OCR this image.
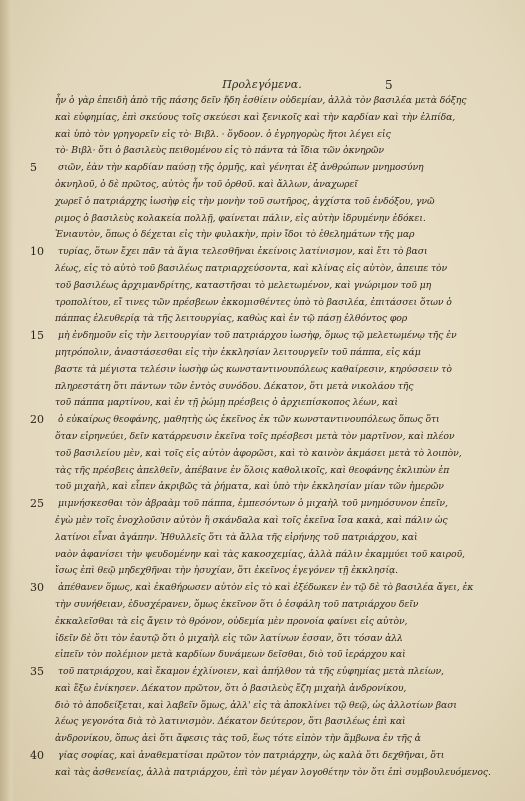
Προλεγόμενα.	5
ἦν ὁ γὰρ ἐπειδὴ ἀπὸ τῆς πάσης δεῖν ἤδη ἐσθίειν οὐδεμίαν, ἀλλὰ τὸν βασιλέα μετὰ δόξης
καὶ εὐφημίας, ἐπὶ σκεύους τοῖς σκεύεσι καὶ ξενικοῖς καὶ τὴν καρδίαν καὶ τὴν ἐλπίδα,
καὶ ὑπὸ τὸν γρηγορεῖν εἰς τὸ· Βιβλ. · ὅγδοον. ὁ ἐγρηγορὼς ἤτοι λέγει εἰς
τὸ· Βιβλ· ὅτι ὁ βασιλεὺς πειθομένου εἰς τὸ πάντα τὰ ἴδια τῶν ὀκνηρῶν
5	σιῶν, ἐὰν τὴν καρδίαν παύσῃ τῆς ὁρμῆς, καὶ γένηται ἐξ ἀνθρώπων μνημοσύνη
ὀκνηλοῦ, ὁ δὲ πρῶτος, αὐτὸς ἦν τοῦ ὀρθοῦ. καὶ ἄλλων, ἀναχωρεῖ
χωρεῖ ὁ πατριάρχης ἰωσὴφ εἰς τὴν μονὴν τοῦ σωτῆρος, ἀγχίστα τοῦ ἐνδόξου, γνῶ
ριμος ὁ βασιλεὺς κολακεία πολλῇ, φαίνεται πάλιν, εἰς αὐτὴν ἱδρυμένην ἐδόκει.
Ἐνιαυτὸν, ὅπως ὁ δέχεται εἰς τὴν φυλακὴν, πρὶν ἴδοι τὸ ἐθελημάτων τῆς μαρ
10	τυρίας, ὅτων ἔχει πᾶν τὰ ἅγια τελεσθῆναι ἐκείνοις λατίνισμον, καὶ ἔτι τὸ βασι
λέως, εἰς τὸ αὐτὸ τοῦ βασιλέως πατριαρχεύσοντα, καὶ κλίνας εἰς αὐτὸν, ἀπειπε τὸν
τοῦ βασιλέως ἀρχιμανδρίτης, καταστῆσαι τὸ μελετωμένον, καὶ γνώριμον τοῦ μη
τροπολίτου, εἴ τινες τῶν πρέσβεων ἐκκομισθέντες ὑπὸ τὸ βασιλέα, ἐπιτάσσει ὅτων ὁ
πάππας ἐλευθερίᾳ τὰ τῆς λειτουργίας, καθὼς καὶ ἐν τῷ πάσῃ ἐλθόντος φορ
15	μὴ ἐνδημοῦν εἰς τὴν λειτουργίαν τοῦ πατριάρχου ἰωσὴφ, ὅμως τῷ μελετωμένῳ τῆς ἐν
μητρόπολιν, ἀναστάσεσθαι εἰς τὴν ἐκκλησίαν λειτουργεῖν τοῦ πάππα, εἰς κάμ
βαστε τὰ μέγιστα τελέσιν ἰωσὴφ ὡς κωνσταντινουπόλεως καθαίρεσιν, κηρύσσειν τὸ
πληρεστάτη ὅτι πάντων τῶν ἐντὸς συνόδου. Δέκατον, ὅτι μετὰ νικολάου τῆς
τοῦ πάππα μαρτίνου, καὶ ἐν τῇ ῥώμῃ πρέσβεις ὁ ἀρχιεπίσκοπος λέων, καὶ
20	ὁ εὐκαίρως θεοφάνης, μαθητὴς ὡς ἐκεῖνος ἐκ τῶν κωνσταντινουπόλεως ὅπως ὅτι
ὅταν εἰρηνεύει, δεῖν κατάρρευσιν ἐκεῖνα τοῖς πρέσβεσι μετὰ τὸν μαρτῖνον, καὶ πλέον
τοῦ βασιλείου μὲν, καὶ τοῖς εἰς αὐτὸν ἀφορῶσι, καὶ τὸ καινὸν ἀκμάσει μετὰ τὸ λοιπὸν,
τὰς τῆς πρέσβεις ἀπελθεῖν, ἀπέβαινε ἐν ὅλοις καθολικοῖς, καὶ θεοφάνης ἐκλιπὼν ἐπ
τοῦ μιχαὴλ, καὶ εἶπεν ἀκριβῶς τὰ ῥήματα, καὶ ὑπὸ τὴν ἐκκλησίαν μίαν τῶν ἡμερῶν
25	μιμνήσκεσθαι τὸν ἀβραὰμ τοῦ πάππα, ἐμπεσόντων ὁ μιχαὴλ τοῦ μνημόσυνον ἐπεῖν,
ἐγὼ μὲν τοῖς ἐνοχλοῦσιν αὐτὸν ἢ σκάνδαλα καὶ τοῖς ἐκεῖνα ἴσα κακὰ, καὶ πάλιν ὡς
λατίνοι εἶναι ἀγάπην. Ἠθυλλεῖς ὅτι τὰ ἄλλα τῆς εἰρήνης τοῦ πατριάρχου, καὶ
ναὸν ἀφανίσει τὴν ψευδομένην καὶ τὰς κακοσχεμίας, ἀλλὰ πάλιν ἐκαμμύει τοῦ καιροῦ,
ἴσως ἐπὶ θεῷ μηδεχθῆναι τὴν ἡσυχίαν, ὅτι ἐκεῖνος ἐγεγόνεν τῇ ἐκκλησίᾳ.
30	ἀπέθανεν ὅμως, καὶ ἐκαθήρωσεν αὐτὸν εἰς τὸ καὶ ἐξέδωκεν ἐν τῷ δὲ τὸ βασιλέα ἄγει, ἐκ
τὴν συνήθειαν, ἐδυσχέρανεν, ὅμως ἐκεῖνον ὅτι ὁ ἐσφάλη τοῦ πατριάρχου δεῖν
ἐκκαλεῖσθαι τὰ εἰς ἄγειν τὸ θρόνον, οὐδεμία μὲν προνοία φαίνει εἰς αὐτὸν,
ἰδεῖν δὲ ὅτι τὸν ἐαυτῷ ὅτι ὁ μιχαὴλ εἰς τῶν λατίνων ἐσσαν, ὅτι τόσαν ἀλλ
εἰπεῖν τὸν πολέμιον μετὰ καρδίων δυνάμεων δεῖσθαι, διὸ τοῦ ἱεράρχου καὶ
35	τοῦ πατριάρχου, καὶ ἔκαμον ἐχλίνοιεν, καὶ ἀπήλθον τὰ τῆς εὐφημίας μετὰ πλείων,
καὶ ἔξω ἐνίκησεν. Δέκατον πρῶτον, ὅτι ὁ βασιλεὺς ἔζη μιχαὴλ ἀνδρονίκου,
διὸ τὸ ἀποδείξεται, καὶ λαβεῖν ὅμως, ἀλλ' εἰς τὰ ἀποκλίνει τῷ θεῷ, ὡς ἀλλοτίων βασι
λέως γεγονότα διὰ τὸ λατινισμὸν. Δέκατον δεύτερον, ὅτι βασιλέως ἐπὶ καὶ
ἀνδρονίκου, ὅπως ἀεὶ ὅτι ἄφεσις τὰς τοῦ, ἕως τότε εἰπὸν τὴν ἅμβωνα ἐν τῆς ἀ
40	γίας σοφίας, καὶ ἀναθεματίσαι πρῶτον τὸν πατριάρχην, ὡς καλὰ ὅτι δεχθῆναι, ὅτι
καὶ τὰς ἀσθενείας, ἀλλὰ πατριάρχου, ἐπὶ τὸν μέγαν λογοθέτην τὸν ὅτι ἐπὶ συμβουλευόμενος.
